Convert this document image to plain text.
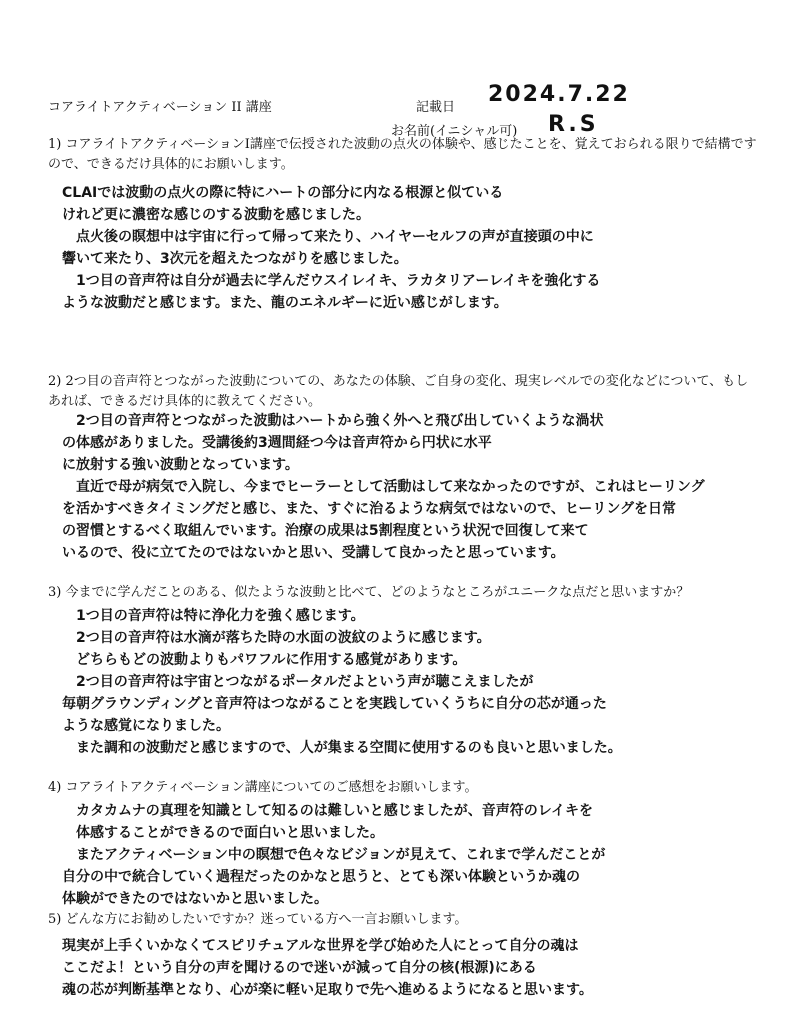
コアライトアクティベーション II 講座	記載日
2024.7.22
お名前(イニシャル可) R.S
1) コアライトアクティベーションI講座で伝授された波動の点火の体験や、感じたことを、覚えておられる限りで結構ですので、できるだけ具体的にお願いします。

CLAⅠでは波動の点火の際に特にハートの部分に内なる根源と似ている

けれど更に濃密な感じのする波動を感じました。

点火後の瞑想中は宇宙に行って帰って来たり、ハイヤーセルフの声が直接頭の中に

響いて来たり、3次元を超えたつながりを感じました。

1つ目の音声符は自分が過去に学んだウスイレイキ、ラカタリアーレイキを強化する

ような波動だと感じます。また、龍のエネルギーに近い感じがします。

2) 2つ目の音声符とつながった波動についての、あなたの体験、ご自身の変化、現実レベルでの変化などについて、もしあれば、できるだけ具体的に教えてください。

2つ目の音声符とつながった波動はハートから強く外へと飛び出していくような渦状

の体感がありました。受講後約3週間経つ今は音声符から円状に水平

に放射する強い波動となっています。

直近で母が病気で入院し、今までヒーラーとして活動はして来なかったのですが、これはヒーリング

を活かすべきタイミングだと感じ、また、すぐに治るような病気ではないので、ヒーリングを日常

の習慣とするべく取組んでいます。治療の成果は5割程度という状況で回復して来て

いるので、役に立てたのではないかと思い、受講して良かったと思っています。

3) 今までに学んだことのある、似たような波動と比べて、どのようなところがユニークな点だと思いますか？

1つ目の音声符は特に浄化力を強く感じます。

2つ目の音声符は水滴が落ちた時の水面の波紋のように感じます。

どちらもどの波動よりもパワフルに作用する感覚があります。

2つ目の音声符は宇宙とつながるポータルだよという声が聴こえましたが

毎朝グラウンディングと音声符はつながることを実践していくうちに自分の芯が通った

ような感覚になりました。

また調和の波動だと感じますので、人が集まる空間に使用するのも良いと思いました。

4) コアライトアクティベーション講座についてのご感想をお願いします。

カタカムナの真理を知識として知るのは難しいと感じましたが、音声符のレイキを

体感することができるので面白いと思いました。

またアクティベーション中の瞑想で色々なビジョンが見えて、これまで学んだことが

自分の中で統合していく過程だったのかなと思うと、とても深い体験というか魂の

体験ができたのではないかと思いました。

5) どんな方にお勧めしたいですか？迷っている方へ一言お願いします。

現実が上手くいかなくてスピリチュアルな世界を学び始めた人にとって自分の魂は

ここだよ！という自分の声を聞けるので迷いが減って自分の核(根源)にある

魂の芯が判断基準となり、心が楽に軽い足取りで先へ進めるようになると思います。
